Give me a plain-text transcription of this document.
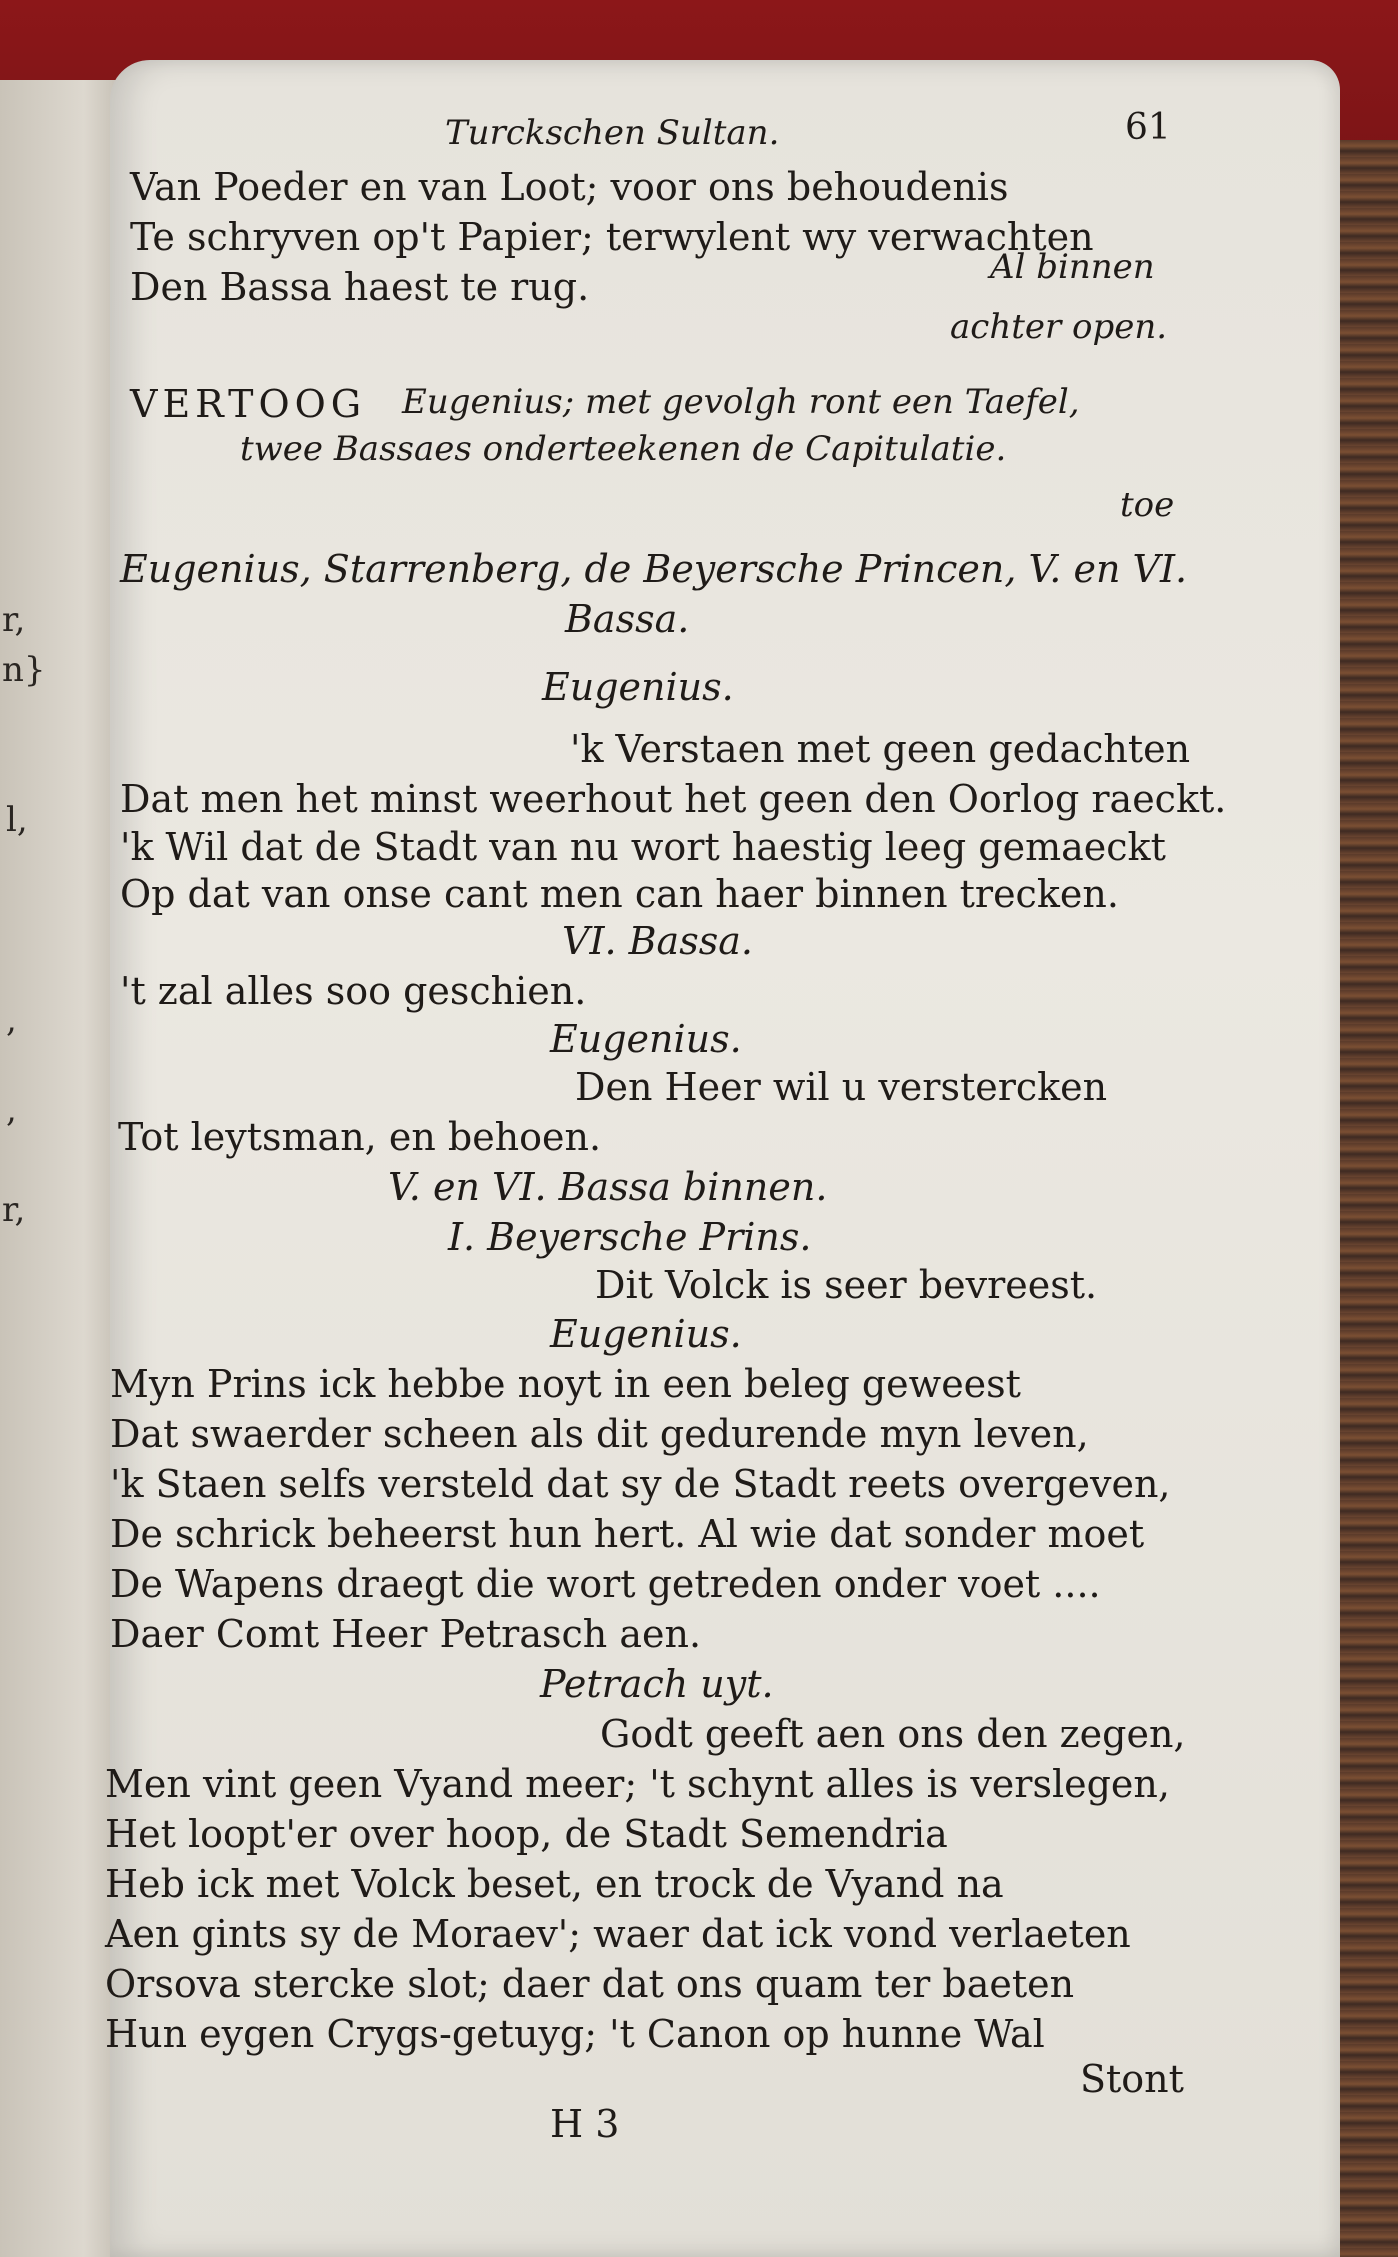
r,
n}
l,
,
,
r,

Turckschen Sultan.	61

Van Poeder en van Loot; voor ons behoudenis

Te schryven op't Papier; terwylent wy verwachten

Al binnen

Den Bassa haest te rug.

achter open.

VERTOOG Eugenius; met gevolgh ront een Taefel,

twee Bassaes onderteekenen de Capitulatie.

toe

Eugenius, Starrenberg, de Beyersche Princen, V. en VI.

Bassa.

Eugenius.

'k Verstaen met geen gedachten

Dat men het minst weerhout het geen den Oorlog raeckt.

'k Wil dat de Stadt van nu wort haestig leeg gemaeckt

Op dat van onse cant men can haer binnen trecken.

VI. Bassa.

't zal alles soo geschien.

Eugenius.

Den Heer wil u verstercken

Tot leytsman, en behoen.

V. en VI. Bassa binnen.

I. Beyersche Prins.

Dit Volck is seer bevreest.

Eugenius.

Myn Prins ick hebbe noyt in een beleg geweest

Dat swaerder scheen als dit gedurende myn leven,

'k Staen selfs versteld dat sy de Stadt reets overgeven,

De schrick beheerst hun hert. Al wie dat sonder moet

De Wapens draegt die wort getreden onder voet ....

Daer Comt Heer Petrasch aen.

Petrach uyt.

Godt geeft aen ons den zegen,

Men vint geen Vyand meer; 't schynt alles is verslegen,

Het loopt'er over hoop, de Stadt Semendria

Heb ick met Volck beset, en trock de Vyand na

Aen gints sy de Moraev'; waer dat ick vond verlaeten

Orsova stercke slot; daer dat ons quam ter baeten

Hun eygen Crygs-getuyg; 't Canon op hunne Wal

Stont

H 3
